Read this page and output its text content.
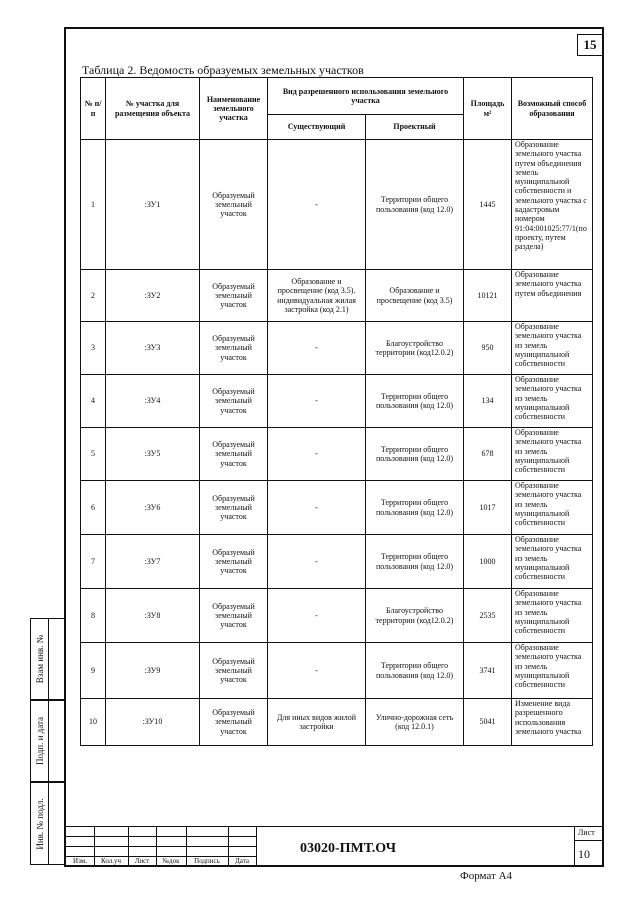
15
Таблица 2. Ведомость образуемых земельных участков
№ п/п	№ участка для размещения объекта	Наименование земельного участка	Вид разрешенного использования земельного участка		Площадь м²	Возможный способ образования
			Существующий	Проектный		
1	:ЗУ1	Образуемый земельный участок	-	Территории общего пользования (код 12.0)	1445	Образование земельного участка путем объединения земель муниципальной собственности и земельного участка с кадастровым номером 91:04:001025:77/1(по проекту, путем раздела)
2	:ЗУ2	Образуемый земельный участок	Образование и просвещение (код 3.5). индивидуальная жилая застройка (код 2.1)	Образование и просвещение (код 3.5)	10121	Образование земельного участка путем объединения
3	:ЗУ3	Образуемый земельный участок	-	Благоустройство территории (код12.0.2)	950	Образование земельного участка из земель муниципальной собственности
4	:ЗУ4	Образуемый земельный участок	-	Территории общего пользования (код 12.0)	134	Образование земельного участка из земель муниципальной собственности
5	:ЗУ5	Образуемый земельный участок	-	Территории общего пользования (код 12.0)	678	Образование земельного участка из земель муниципальной собственности
6	:ЗУ6	Образуемый земельный участок	-	Территории общего пользования (код 12.0)	1017	Образование земельного участка из земель муниципальной собственности
7	:ЗУ7	Образуемый земельный участок	-	Территории общего пользования (код 12.0)	1000	Образование земельного участка из земель муниципальной собственности
8	:ЗУ8	Образуемый земельный участок	-	Благоустройство территории (код12.0.2)	2535	Образование земельного участка из земель муниципальной собственности
9	:ЗУ9	Образуемый земельный участок	-	Территории общего пользования (код 12.0)	3741	Образование земельного участка из земель муниципальной собственности
10	:ЗУ10	Образуемый земельный участок	Для иных видов жилой застройки	Улично-дорожная сеть (код 12.0.1)	5041	Изменение вида разрешенного использования земельного участка
Взам инв. №
Подп. и дата
Инв. № подл.
Изм.	Кол.уч	Лист	№док	Подпись	Дата
03020-ПМТ.ОЧ
Лист
10
Формат А4
